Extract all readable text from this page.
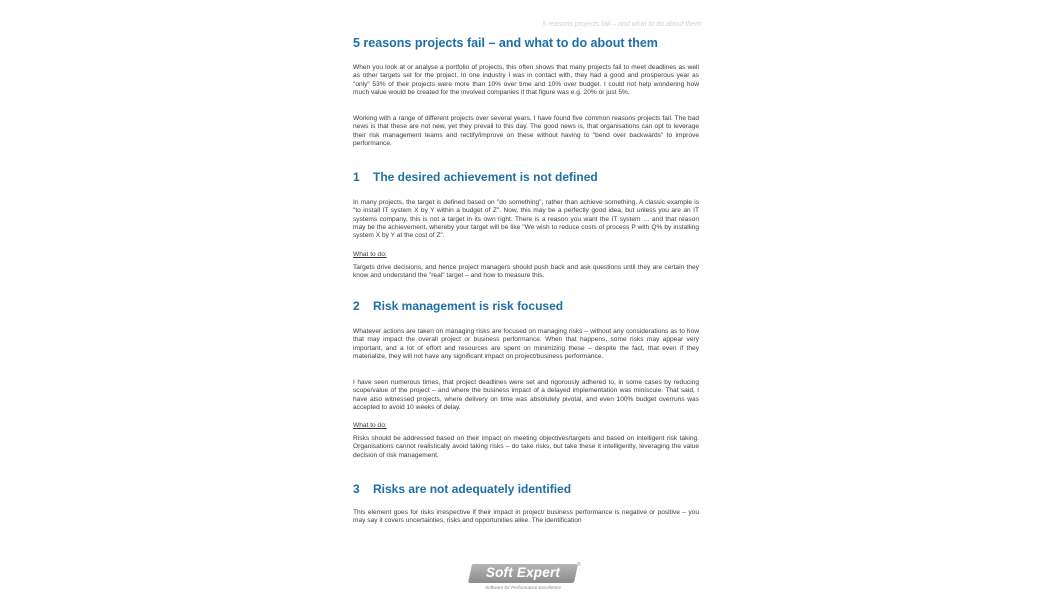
5 reasons projects fail – and what to do about them
5 reasons projects fail – and what to do about them

When you look at or analyse a portfolio of projects, this often shows that many projects fail to meet deadlines as well as other targets set for the project. In one industry I was in contact with, they had a good and prosperous year as "only" 53% of their projects were more than 10% over time and 10% over budget. I could not help wondering how much value would be created for the involved companies if that figure was e.g. 20% or just 5%.

Working with a range of different projects over several years, I have found five common reasons projects fail. The bad news is that these are not new, yet they prevail to this day. The good news is, that organisations can opt to leverage their risk management teams and rectify/improve on these without having to "bend over backwards" to improve performance.

1 The desired achievement is not defined

In many projects, the target is defined based on "do something", rather than achieve something. A classic example is "to install IT system X by Y within a budget of Z". Now, this may be a perfectly good idea, but unless you are an IT systems company, this is not a target in its own right. There is a reason you want the IT system … and that reason may be the achievement, whereby your target will be like "We wish to reduce costs of process P with Q% by installing system X by Y at the cost of Z".

What to do:

Targets drive decisions, and hence project managers should push back and ask questions until they are certain they know and understand the "real" target – and how to measure this.

2 Risk management is risk focused

Whatever actions are taken on managing risks are focused on managing risks – without any considerations as to how that may impact the overall project or business performance. When that happens, some risks may appear very important, and a lot of effort and resources are spent on minimizing these – despite the fact, that even if they materialize, they will not have any significant impact on project/business performance.

I have seen numerous times, that project deadlines were set and rigorously adhered to, in some cases by reducing scope/value of the project – and where the business impact of a delayed implementation was miniscule. That said, I have also witnessed projects, where delivery on time was absolutely pivotal, and even 100% budget overruns was accepted to avoid 10 weeks of delay.

What to do:

Risks should be addressed based on their impact on meeting objectives/targets and based on intelligent risk taking. Organisations cannot realistically avoid taking risks – do take risks, but take these it intelligently, leveraging the value decision of risk management.

3 Risks are not adequately identified

This element goes for risks irrespective if their impact in project/ business performance is negative or positive – you may say it covers uncertainties, risks and opportunities alike. The identification

Soft Expert	®
Software for Performance Excellence
